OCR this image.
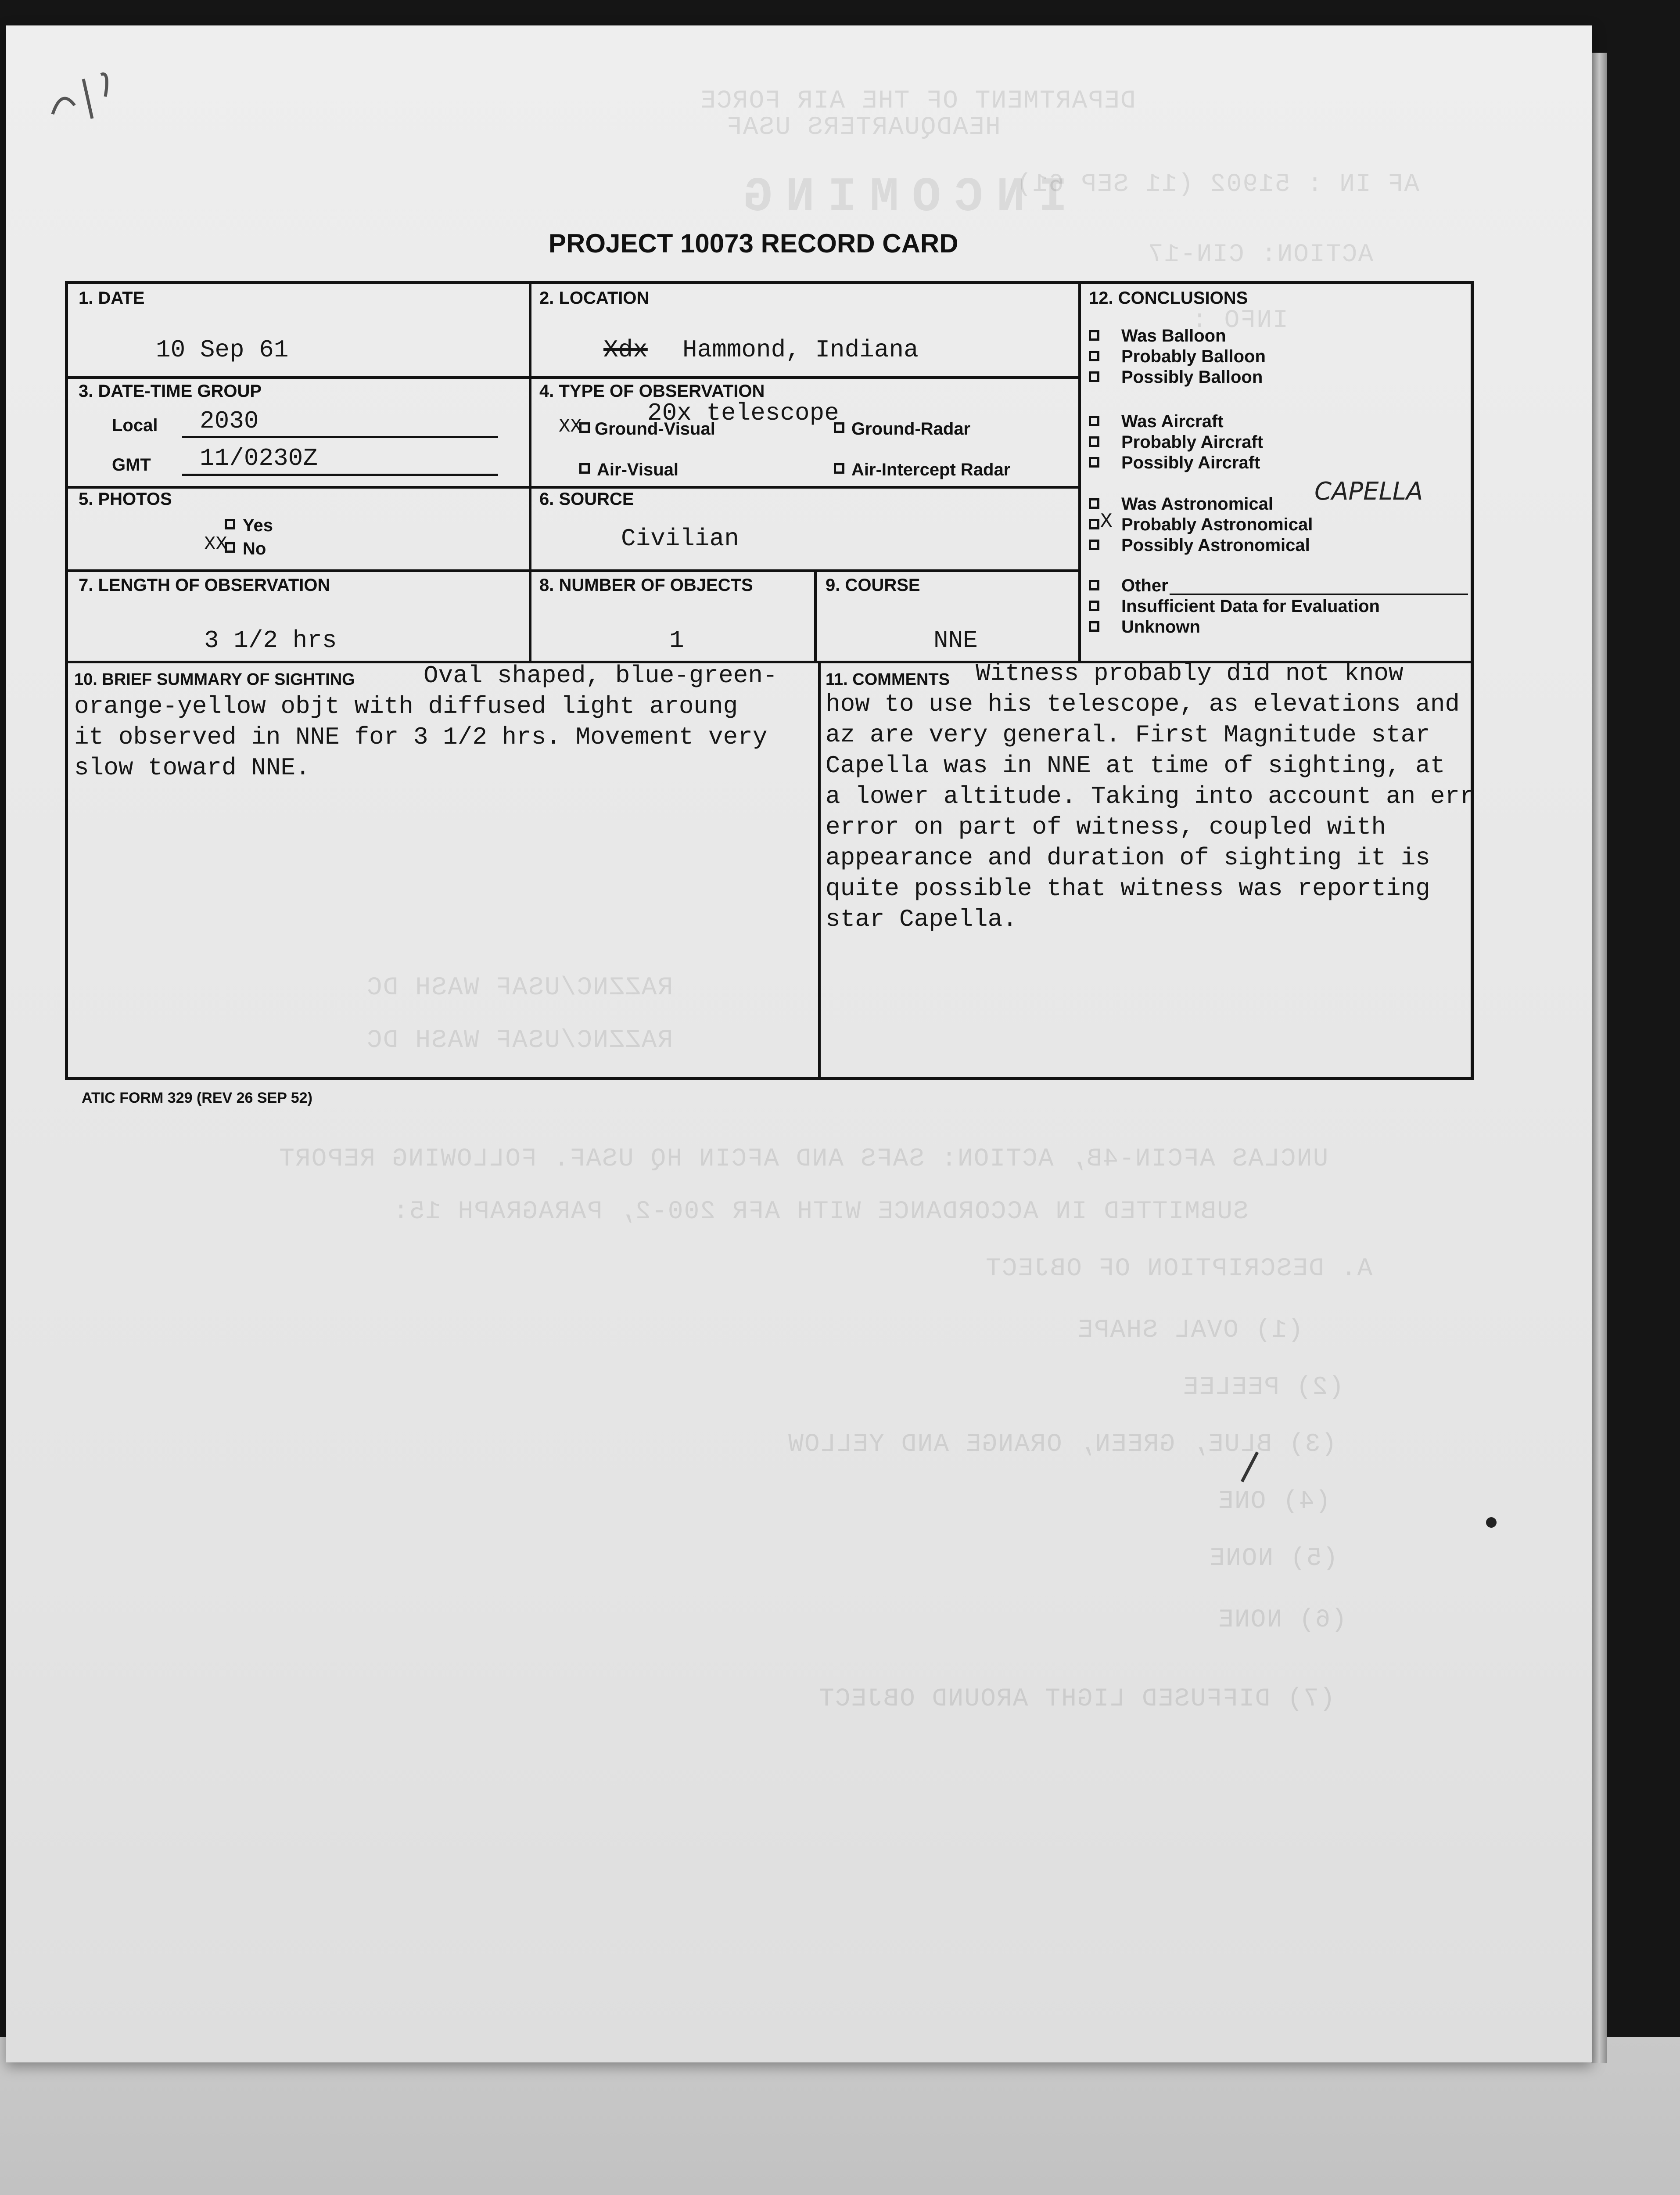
DEPARTMENT OF THE AIR FORCE
HEADQUARTERS USAF
INCOMING
AF IN : 51902 (11 SEP 61)
ACTION: CIN-17
INFO :
RAZZNC/USAF WASH DC
RAZZNC/USAF WASH DC
UNCLAS AFCIN-4B, ACTION: SAFS AND AFCIN HQ USAF. FOLLOWING REPORT
SUBMITTED IN ACCORDANCE WITH AFR 200-2, PARAGRAPH 15:
A. DESCRIPTION OF OBJECT
(1) OVAL SHAPE
(2) PEELEE
(3) BLUE, GREEN, ORANGE AND YELLOW
(4) ONE
(5) NONE
(6) NONE
(7) DIFFUSED LIGHT AROUND OBJECT
PROJECT 10073 RECORD CARD
1. DATE
10 Sep 61
2. LOCATION
Xdx Hammond, Indiana
3. DATE-TIME GROUP
Local 2030
GMT 11/0230Z
4. TYPE OF OBSERVATION
20x telescope
XX Ground-Visual	Ground-Radar
Air-Visual	Air-Intercept Radar
5. PHOTOS
Yes
XX No
6. SOURCE
Civilian
7. LENGTH OF OBSERVATION
3 1/2 hrs
8. NUMBER OF OBJECTS
1
9. COURSE
NNE
10. BRIEF SUMMARY OF SIGHTING	Oval shaped, blue-green-
orange-yellow objt with diffused light aroung
it observed in NNE for 3 1/2 hrs. Movement very
slow toward NNE.
11. COMMENTS Witness probably did not know
how to use his telescope, as elevations and
az are very general. First Magnitude star
Capella was in NNE at time of sighting, at
a lower altitude. Taking into account an err
error on part of witness, coupled with
appearance and duration of sighting it is
quite possible that witness was reporting
star Capella.
12. CONCLUSIONS
Was Balloon
Probably Balloon
Possibly Balloon
Was Aircraft
Probably Aircraft
Possibly Aircraft
Was Astronomical CAPELLA
X Probably Astronomical
Possibly Astronomical
Other
Insufficient Data for Evaluation
Unknown
ATIC FORM 329 (REV 26 SEP 52)
